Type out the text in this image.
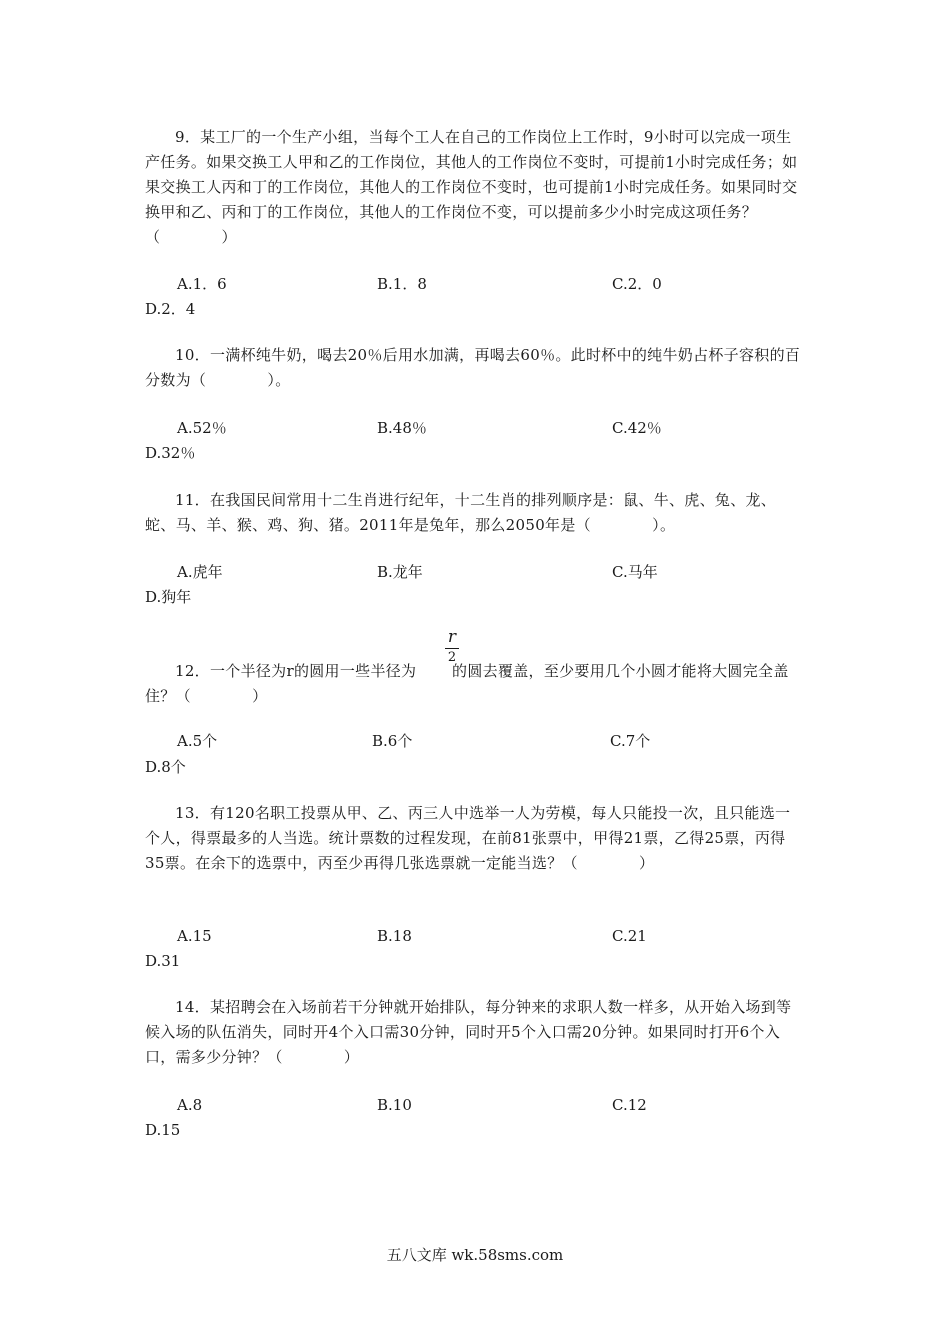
9．某工厂的一个生产小组，当每个工人在自己的工作岗位上工作时，9小时可以完成一项生产任务。如果交换工人甲和乙的工作岗位，其他人的工作岗位不变时，可提前1小时完成任务；如果交换工人丙和丁的工作岗位，其他人的工作岗位不变时，也可提前1小时完成任务。如果同时交换甲和乙、丙和丁的工作岗位，其他人的工作岗位不变，可以提前多少小时完成这项任务？（　　　　）

A.1．6	B.1．8	C.2．0
D.2．4

10．一满杯纯牛奶，喝去20％后用水加满，再喝去60％。此时杯中的纯牛奶占杯子容积的百分数为（　　　　）。

A.52％	B.48％	C.42％
D.32％

11．在我国民间常用十二生肖进行纪年，十二生肖的排列顺序是：鼠、牛、虎、兔、龙、蛇、马、羊、猴、鸡、狗、猪。2011年是兔年，那么2050年是（　　　　）。

A.虎年	B.龙年	C.马年
D.狗年
r
2

12．一个半径为r的圆用一些半径为　　 的圆去覆盖，至少要用几个小圆才能将大圆完全盖住？（　　　　）

A.5个	B.6个	C.7个
D.8个

13．有120名职工投票从甲、乙、丙三人中选举一人为劳模，每人只能投一次，且只能选一个人，得票最多的人当选。统计票数的过程发现，在前81张票中，甲得21票，乙得25票，丙得35票。在余下的选票中，丙至少再得几张选票就一定能当选？（　　　　）

A.15	B.18	C.21
D.31

14．某招聘会在入场前若干分钟就开始排队，每分钟来的求职人数一样多，从开始入场到等候入场的队伍消失，同时开4个入口需30分钟，同时开5个入口需20分钟。如果同时打开6个入口，需多少分钟？（　　　　）

A.8	B.10	C.12
D.15
五八文库 wk.58sms.com
